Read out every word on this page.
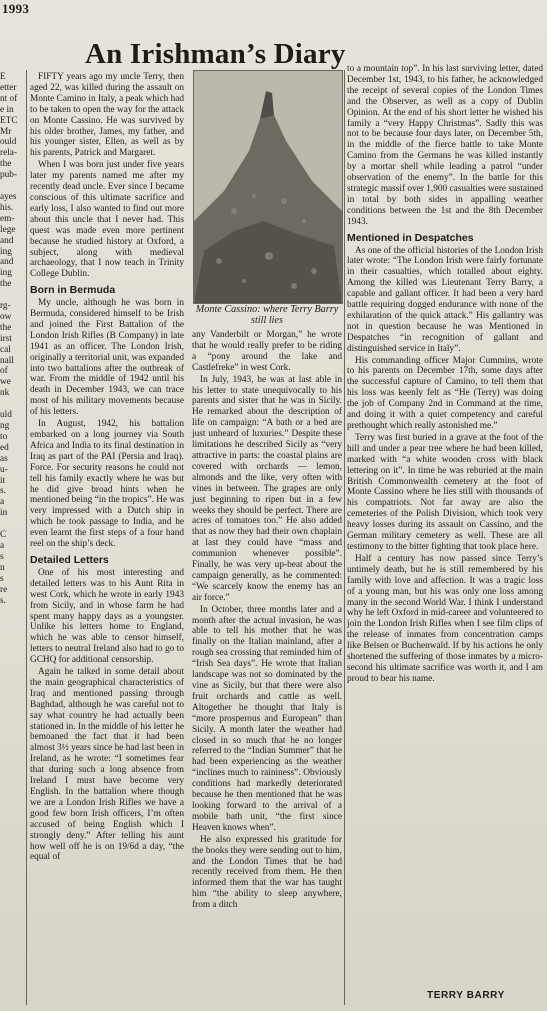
1993
An Irishman’s Diary
E
etter
nt of
e in
ETC
Mr
ould
rela-
the
pub-

ayes
his.
em-
lege
and
ing
and
ing
the

rg-
ow
the
irst
cal
nall
of
we
nk

uld
ng
to
ed
as
u-
it
s.
a
in

C
a
s
n
s
re
s.

FIFTY years ago my uncle Terry, then aged 22, was killed during the assault on Monte Camino in Italy, a peak which had to be taken to open the way for the attack on Monte Cassino. He was survived by his older brother, James, my father, and his younger sister, Ellen, as well as by his parents, Patrick and Margaret.

When I was born just under five years later my parents named me after my recently dead uncle. Ever since I became conscious of this ultimate sacrifice and early loss, I also wanted to find out more about this uncle that I never had. This quest was made even more pertinent because he studied history at Oxford, a subject, along with medieval archaeology, that I now teach in Trinity College Dublin.

Born in Bermuda

My uncle, although he was born in Bermuda, considered himself to be Irish and joined the First Battalion of the London Irish Rifles (B Company) in late 1941 as an officer. The London Irish, originally a territorial unit, was expanded into two battalions after the outbreak of war. From the middle of 1942 until his death in December 1943, we can trace most of his military movements because of his letters.

In August, 1942, his battalion embarked on a long journey via South Africa and India to its final destination in Iraq as part of the PAI (Persia and Iraq). Force. For security reasons he could not tell his family exactly where he was but he did give broad hints when he mentioned being “in the tropics”. He was very impressed with a Dutch ship in which he took passage to India, and he even learnt the first steps of a four hand reel on the ship’s deck.

Detailed Letters

One of his most interesting and detailed letters was to his Aunt Rita in west Cork, which he wrote in early 1943 from Sicily, and in whose farm he had spent many happy days as a youngster. Unlike his letters home to England, which he was able to censor himself, letters to neutral Ireland also had to go to GCHQ for additional censorship.

Again he talked in some detail about the main geographical characteristics of Iraq and mentioned passing through Baghdad, although he was careful not to say what country he had actually been stationed in. In the middle of his letter he bemoaned the fact that it had been almost 3½ years since he had last been in Ireland, as he wrote: “I sometimes fear that during such a long absence from Ireland I must have become very English. In the battalion where though we are a London Irish Rifles we have a good few born Irish officers, I’m often accused of being English which I strongly deny.” After telling his aunt how well off he is on 19/6d a day, “the equal of

Monte Cassino: where Terry Barry still lies

any Vanderbilt or Morgan,” he wrote that he would really prefer to be riding a “pony around the lake and Castlefreke” in west Cork.

In July, 1943, he was at last able in his letter to state unequivocally to his parents and sister that he was in Sicily. He remarked about the description of life on campaign: “A bath or a bed are just unheard of luxuries.” Despite these limitations he described Sicily as “very attractive in parts: the coastal plains are covered with orchards — lemon, almonds and the like, very often with vines in between. The grapes are only just beginning to ripen but in a few weeks they should be perfect. There are acres of tomatoes too.” He also added that as now they had their own chaplain at last they could have “mass and communion whenever possible”. Finally, he was very up-beat about the campaign generally, as he commented: “We scarcely know the enemy has an air force.”

In October, three months later and a month after the actual invasion, he was able to tell his mother that he was finally on the Italian mainland, after a rough sea crossing that reminded him of “Irish Sea days”. He wrote that Italian landscape was not so dominated by the vine as Sicily, but that there were also fruit orchards and cattle as well. Altogether he thought that Italy is “more prosperous and European” than Sicily. A month later the weather had closed in so much that he no longer referred to the “Indian Summer” that he had been experiencing as the weather “inclines much to raininess”. Obviously conditions had markedly deteriorated because he then mentioned that he was looking forward to the arrival of a mobile bath unit, “the first since Heaven knows when”.

He also expressed his gratitude for the books they were sending out to him, and the London Times that he had recently received from them. He then informed them that the war has taught him “the ability to sleep anywhere, from a ditch

to a mountain top”. In his last surviving letter, dated December 1st, 1943, to his father, he acknowledged the receipt of several copies of the London Times and the Observer, as well as a copy of Dublin Opinion. At the end of his short letter he wished his family a “very Happy Christmas”. Sadly this was not to be because four days later, on December 5th, in the middle of the fierce battle to take Monte Camino from the Germans he was killed instantly by a mortar shell while leading a patrol “under observation of the enemy”. In the battle for this strategic massif over 1,900 casualties were sustained in total by both sides in appalling weather conditions between the 1st and the 8th December 1943.

Mentioned in Despatches

As one of the official histories of the London Irish later wrote: “The London Irish were fairly fortunate in their casualties, which totalled about eighty. Among the killed was Lieutenant Terry Barry, a capable and gallant officer. It had been a very hard battle requiring dogged endurance with none of the exhilaration of the quick attack.” His gallantry was not in question because he was Mentioned in Despatches “in recognition of gallant and distinguished service in Italy”.

His commanding officer Major Cummins, wrote to his parents on December 17th, some days after the successful capture of Camino, to tell them that his loss was keenly felt as “He (Terry) was doing the job of Company 2nd in Command at the time, and doing it with a quiet competency and careful prethought which really astonished me.”

Terry was first buried in a grave at the foot of the hill and under a pear tree where he had been killed, marked with “a white wooden cross with black lettering on it”. In time he was reburied at the main British Commonwealth cemetery at the foot of Monte Cassino where he lies still with thousands of his compatriots. Not far away are also the cemeteries of the Polish Division, which took very heavy losses during its assault on Cassino, and the German military cemetery as well. These are all testimony to the bitter fighting that took place here.

Half a century has now passed since Terry’s untimely death, but he is still remembered by his family with love and affection. It was a tragic loss of a young man, but his was only one loss among many in the second World War. I think I understand why he left Oxford in mid-career and volunteered to join the London Irish Rifles when I see film clips of the release of inmates from concentration camps like Belsen or Buchenwald. If by his actions he only shortened the suffering of those inmates by a micro-second his ultimate sacrifice was worth it, and I am proud to bear his name.

TERRY BARRY
